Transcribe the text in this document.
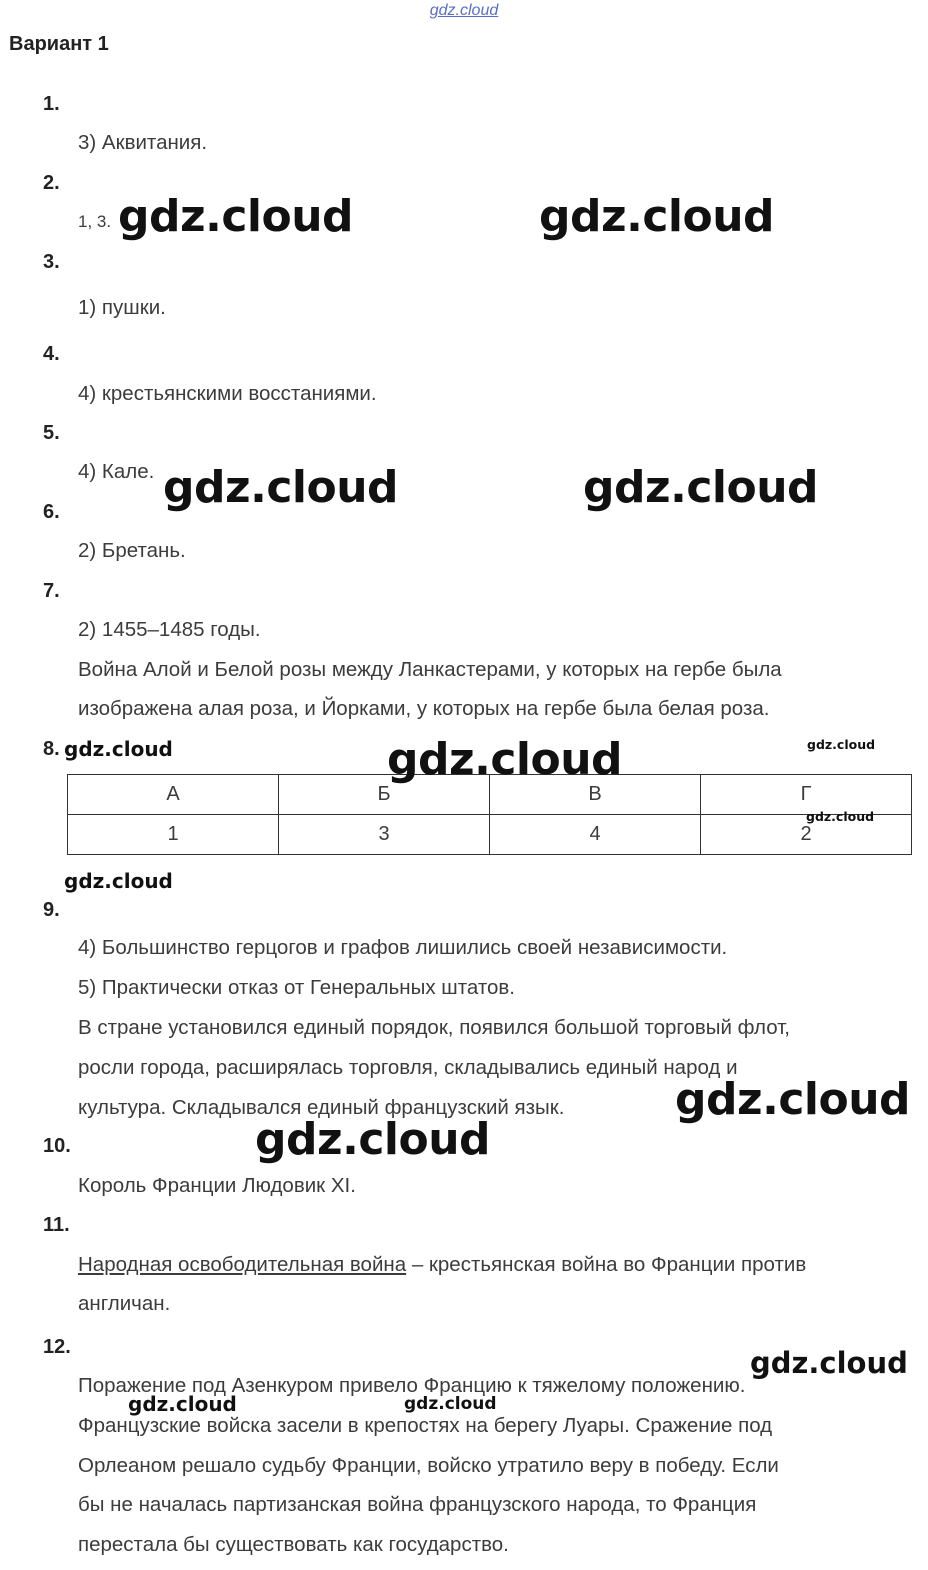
gdz.cloud
Вариант 1
1.
3) Аквитания.
2.
1, 3.
3.
1) пушки.
4.
4) крестьянскими восстаниями.
5.
4) Кале.
6.
2) Бретань.
7.
2) 1455–1485 годы.
Война Алой и Белой розы между Ланкастерами, у которых на гербе была
изображена алая роза, и Йорками, у которых на гербе была белая роза.
8.
А	Б	В	Г
1	3	4	2
9.
4) Большинство герцогов и графов лишились своей независимости.
5) Практически отказ от Генеральных штатов.
В стране установился единый порядок, появился большой торговый флот,
росли города, расширялась торговля, складывались единый народ и
культура. Складывался единый французский язык.
10.
Король Франции Людовик XI.
11.
Народная освободительная война – крестьянская война во Франции против
англичан.
12.
Поражение под Азенкуром привело Францию к тяжелому положению.
Французские войска засели в крепостях на берегу Луары. Сражение под
Орлеаном решало судьбу Франции, войско утратило веру в победу. Если
бы не началась партизанская война французского народа, то Франция
перестала бы существовать как государство.
gdz.cloud	gdz.cloud
gdz.cloud	gdz.cloud
gdz.cloud	gdz.cloud	gdz.cloud
gdz.cloud
gdz.cloud
gdz.cloud
gdz.cloud
gdz.cloud
gdz.cloud	gdz.cloud
